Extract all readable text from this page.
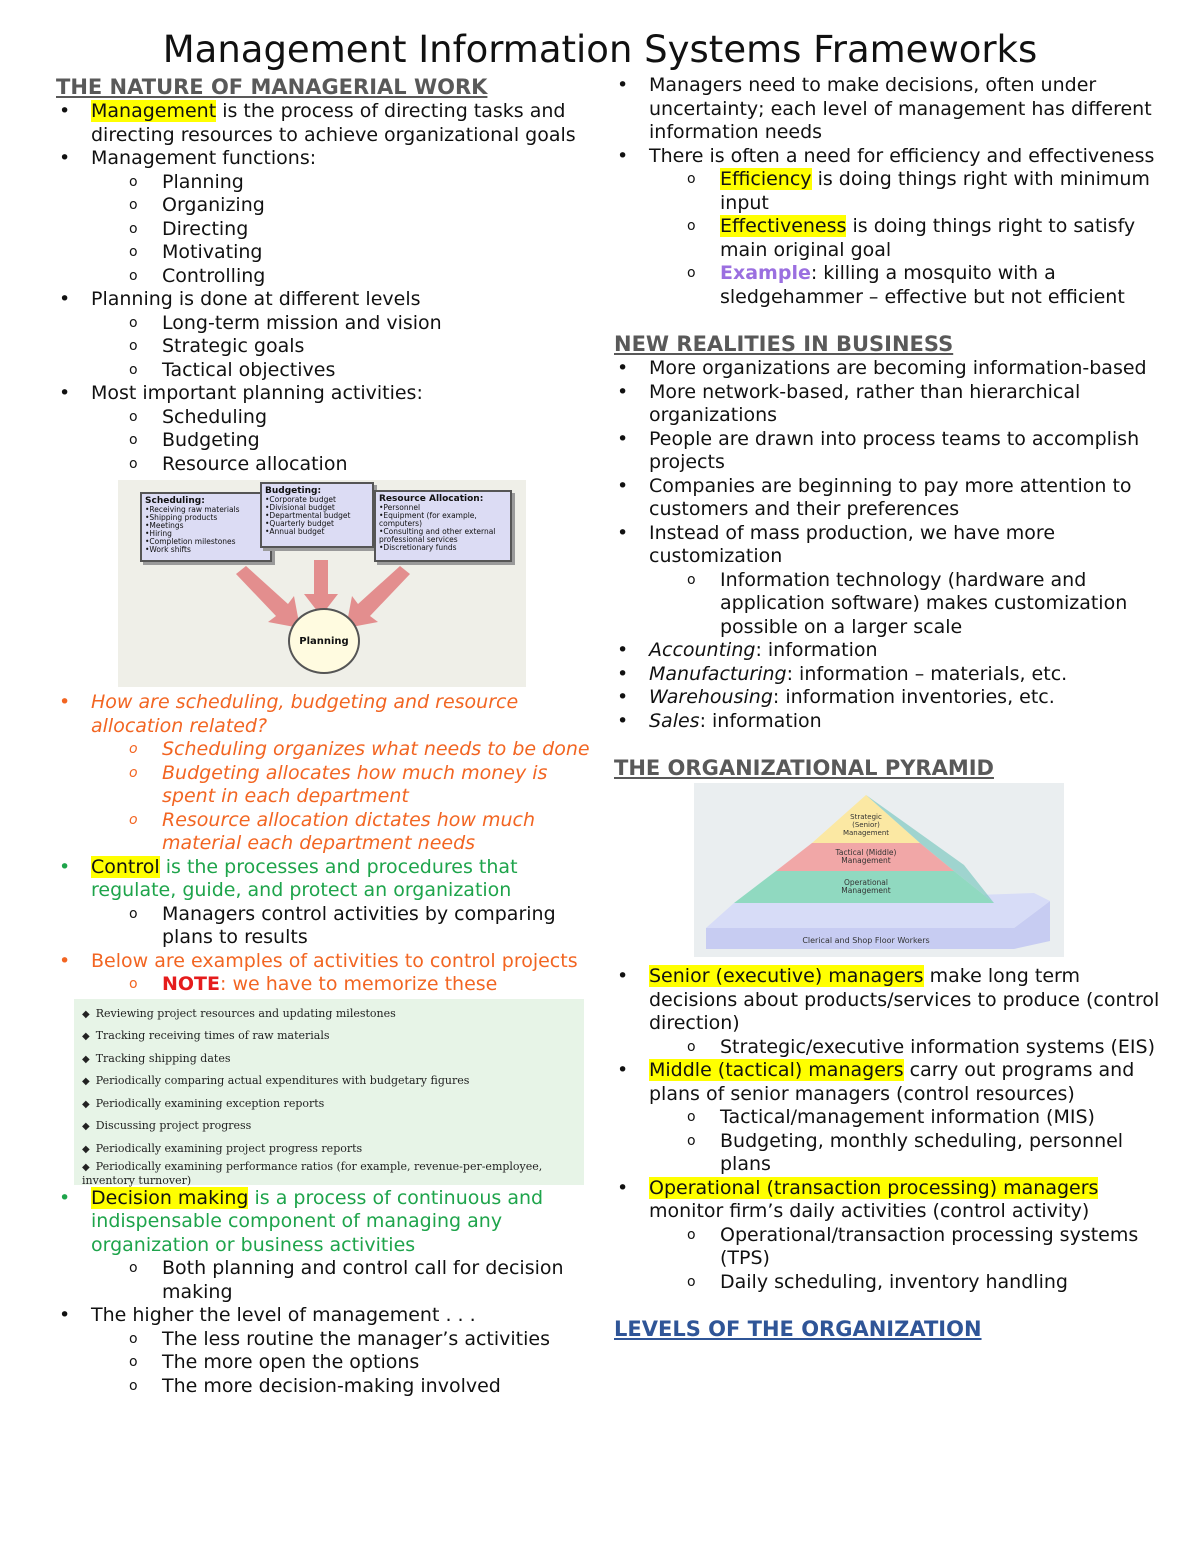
Management Information Systems Frameworks
THE NATURE OF MANAGERIAL WORK
• Management is the process of directing tasks and directing resources to achieve organizational goals
• Management functions:
o Planning
o Organizing
o Directing
o Motivating
o Controlling
• Planning is done at different levels
o Long-term mission and vision
o Strategic goals
o Tactical objectives
• Most important planning activities:
o Scheduling
o Budgeting
o Resource allocation
Scheduling:
•Receiving raw materials
•Shipping products
•Meetings
•Hiring
•Completion milestones
•Work shifts
Budgeting:
•Corporate budget
•Divisional budget
•Departmental budget
•Quarterly budget
•Annual budget
Resource Allocation:
•Personnel
•Equipment (for example, computers)
•Consulting and other external professional services
•Discretionary funds
Planning
• How are scheduling, budgeting and resource allocation related?
o Scheduling organizes what needs to be done
o Budgeting allocates how much money is spent in each department
o Resource allocation dictates how much material each department needs
• Control is the processes and procedures that regulate, guide, and protect an organization
o Managers control activities by comparing plans to results
• Below are examples of activities to control projects
o NOTE: we have to memorize these
◆ Reviewing project resources and updating milestones
◆ Tracking receiving times of raw materials
◆ Tracking shipping dates
◆ Periodically comparing actual expenditures with budgetary figures
◆ Periodically examining exception reports
◆ Discussing project progress
◆ Periodically examining project progress reports
◆ Periodically examining performance ratios (for example, revenue-per-employee, inventory turnover)
• Decision making is a process of continuous and indispensable component of managing any organization or business activities
o Both planning and control call for decision making
• The higher the level of management . . .
o The less routine the manager’s activities
o The more open the options
o The more decision-making involved
• Managers need to make decisions, often under uncertainty; each level of management has different information needs
• There is often a need for efficiency and effectiveness
o Efficiency is doing things right with minimum input
o Effectiveness is doing things right to satisfy main original goal
o Example: killing a mosquito with a sledgehammer – effective but not efficient
NEW REALITIES IN BUSINESS
• More organizations are becoming information-based
• More network-based, rather than hierarchical organizations
• People are drawn into process teams to accomplish projects
• Companies are beginning to pay more attention to customers and their preferences
• Instead of mass production, we have more customization
o Information technology (hardware and application software) makes customization possible on a larger scale
• Accounting: information
• Manufacturing: information – materials, etc.
• Warehousing: information inventories, etc.
• Sales: information
THE ORGANIZATIONAL PYRAMID
Strategic
(Senior)
Management
Tactical (Middle)
Management
Operational
Management
Clerical and Shop Floor Workers
• Senior (executive) managers make long term decisions about products/services to produce (control direction)
o Strategic/executive information systems (EIS)
• Middle (tactical) managers carry out programs and plans of senior managers (control resources)
o Tactical/management information (MIS)
o Budgeting, monthly scheduling, personnel plans
• Operational (transaction processing) managers monitor firm’s daily activities (control activity)
o Operational/transaction processing systems (TPS)
o Daily scheduling, inventory handling
LEVELS OF THE ORGANIZATION
